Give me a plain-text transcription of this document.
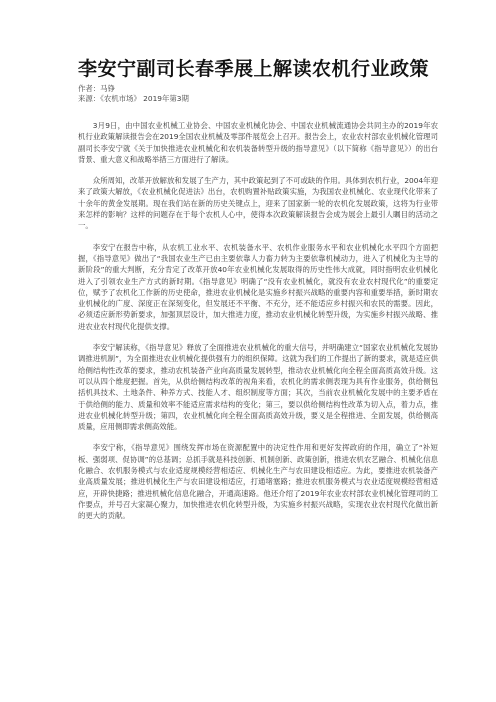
李安宁副司长春季展上解读农机行业政策
作者：马铮
来源：《农机市场》 2019年第3期

3月9日，由中国农业机械工业协会、中国农业机械化协会、中国农业机械流通协会共同主办的2019年农机行业政策解读报告会在2019全国农业机械及零部件展览会上召开。报告会上，农业农村部农业机械化管理司副司长李安宁就《关于加快推进农业机械化和农机装备转型升级的指导意见》（以下简称《指导意见》）的出台背景、重大意义和战略举措三方面进行了解读。

众所周知，改革开放解放和发展了生产力，其中政策起到了不可或缺的作用。具体到农机行业，2004年迎来了政策大解放，《农业机械化促进法》出台，农机购置补贴政策实施，为我国农业机械化、农业现代化带来了十余年的黄金发展期。现在我们站在新的历史关键点上，迎来了国家新一轮的农机化发展政策，这将为行业带来怎样的影响？这样的问题存在于每个农机人心中，使得本次政策解读报告会成为展会上最引人瞩目的活动之一。

李安宁在报告中称，从农机工业水平、农机装备水平、农机作业服务水平和农业机械化水平四个方面把握，《指导意见》做出了“我国农业生产已由主要依靠人力畜力转为主要依靠机械动力，进入了机械化为主导的新阶段”的重大判断，充分肯定了改革开放40年农业机械化发展取得的历史性伟大成就，同时指明农业机械化进入了引领农业生产方式的新时期。《指导意见》明确了“没有农业机械化，就没有农业农村现代化”的重要定位，赋予了农机化工作新的历史使命，推进农业机械化是实施乡村振兴战略的重要内容和重要举措，新时期农业机械化的广度、深度正在深刻变化，但发展还不平衡、不充分，还不能适应乡村振兴和农民的需要。因此，必须适应新形势新要求，加强顶层设计，加大推进力度，推动农业机械化转型升级，为实施乡村振兴战略、推进农业农村现代化提供支撑。

李安宁解读称，《指导意见》释放了全面推进农业机械化的重大信号，并明确建立“国家农业机械化发展协调推进机制”，为全面推进农业机械化提供强有力的组织保障。这就为我们的工作提出了新的要求，就是适应供给侧结构性改革的要求，推动农机装备产业向高质量发展转型，推动农业机械化向全程全面高质高效升级。这可以从四个维度把握。首先，从供给侧结构改革的视角来看，农机化的需求侧表现为具有作业服务，供给侧包括机具技术、土地条件、种养方式、技能人才、组织制度等方面；其次，当前农业机械化发展中的主要矛盾在于供给侧的能力、质量和效率不能适应需求结构的变化；第三，要以供给侧结构性改革为切入点，着力点，推进农业机械化转型升级；第四，农业机械化向全程全面高质高效升级，要义是全程推进、全面发展，供给侧高质量，应用侧即需求侧高效能。

李安宁称，《指导意见》围绕发挥市场在资源配置中的决定性作用和更好发挥政府的作用，确立了“补短板、强弱项、促协调”的总基调；总抓手就是科技创新、机制创新、政策创新，推进农机农艺融合、机械化信息化融合、农机服务模式与农业适度规模经营相适应、机械化生产与农田建设相适应。为此，要推进农机装备产业高质量发展；推进机械化生产与农田建设相适应，打通堵塞路；推进农机服务模式与农业适度规模经营相适应，开辟快捷路；推进机械化信息化融合，开通高速路。他还介绍了2019年农业农村部农业机械化管理司的工作要点，并号召大家凝心聚力，加快推进农机化转型升级，为实施乡村振兴战略，实现农业农村现代化做出新的更大的贡献。
